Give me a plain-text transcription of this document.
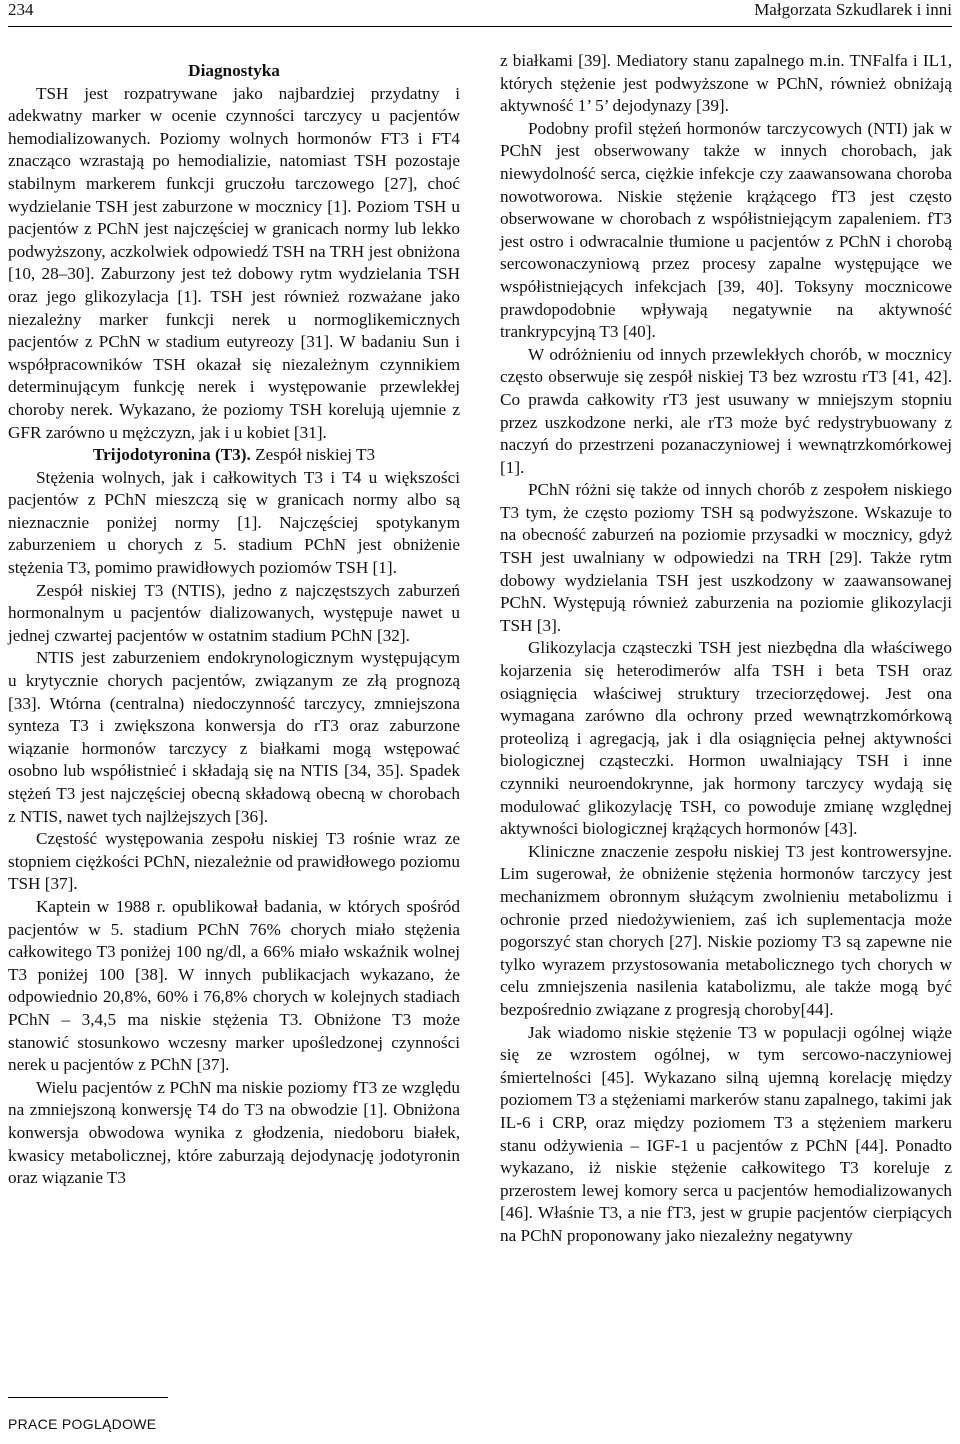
234	Małgorzata Szkudlarek i inni

Diagnostyka

TSH jest rozpatrywane jako najbardziej przydatny i adekwatny marker w ocenie czynności tarczycy u pacjentów hemodializowanych. Poziomy wolnych hormonów FT3 i FT4 znacząco wzrastają po hemodializie, natomiast TSH pozostaje stabilnym markerem funkcji gruczołu tarczowego [27], choć wydzielanie TSH jest zaburzone w mocznicy [1]. Poziom TSH u pacjentów z PChN jest najczęściej w granicach normy lub lekko podwyższony, aczkolwiek odpowiedź TSH na TRH jest obniżona [10, 28–30]. Zaburzony jest też dobowy rytm wydzielania TSH oraz jego glikozylacja [1]. TSH jest również rozważane jako niezależny marker funkcji nerek u normoglikemicznych pacjentów z PChN w stadium eutyreozy [31]. W badaniu Sun i współpracowników TSH okazał się niezależnym czynnikiem determinującym funkcję nerek i występowanie przewlekłej choroby nerek. Wykazano, że poziomy TSH korelują ujemnie z GFR zarówno u mężczyzn, jak i u kobiet [31].

Trijodotyronina (T3). Zespół niskiej T3

Stężenia wolnych, jak i całkowitych T3 i T4 u większości pacjentów z PChN mieszczą się w granicach normy albo są nieznacznie poniżej normy [1]. Najczęściej spotykanym zaburzeniem u chorych z 5. stadium PChN jest obniżenie stężenia T3, pomimo prawidłowych poziomów TSH [1].

Zespół niskiej T3 (NTIS), jedno z najczęstszych zaburzeń hormonalnym u pacjentów dializowanych, występuje nawet u jednej czwartej pacjentów w ostatnim stadium PChN [32].

NTIS jest zaburzeniem endokrynologicznym występującym u krytycznie chorych pacjentów, związanym ze złą prognozą [33]. Wtórna (centralna) niedoczynność tarczycy, zmniejszona synteza T3 i zwiększona konwersja do rT3 oraz zaburzone wiązanie hormonów tarczycy z białkami mogą wstępować osobno lub współistnieć i składają się na NTIS [34, 35]. Spadek stężeń T3 jest najczęściej obecną składową obecną w chorobach z NTIS, nawet tych najlżejszych [36].

Częstość występowania zespołu niskiej T3 rośnie wraz ze stopniem ciężkości PChN, niezależnie od prawidłowego poziomu TSH [37].

Kaptein w 1988 r. opublikował badania, w których spośród pacjentów w 5. stadium PChN 76% chorych miało stężenia całkowitego T3 poniżej 100 ng/dl, a 66% miało wskaźnik wolnej T3 poniżej 100 [38]. W innych publikacjach wykazano, że odpowiednio 20,8%, 60% i 76,8% chorych w kolejnych stadiach PChN – 3,4,5 ma niskie stężenia T3. Obniżone T3 może stanowić stosunkowo wczesny marker upośledzonej czynności nerek u pacjentów z PChN [37].

Wielu pacjentów z PChN ma niskie poziomy fT3 ze względu na zmniejszoną konwersję T4 do T3 na obwodzie [1]. Obniżona konwersja obwodowa wynika z głodzenia, niedoboru białek, kwasicy metabolicznej, które zaburzają dejodynację jodotyronin oraz wiązanie T3

z białkami [39]. Mediatory stanu zapalnego m.in. TNFalfa i IL1, których stężenie jest podwyższone w PChN, również obniżają aktywność 1’ 5’ dejodynazy [39].

Podobny profil stężeń hormonów tarczycowych (NTI) jak w PChN jest obserwowany także w innych chorobach, jak niewydolność serca, ciężkie infekcje czy zaawansowana choroba nowotworowa. Niskie stężenie krążącego fT3 jest często obserwowane w chorobach z współistniejącym zapaleniem. fT3 jest ostro i odwracalnie tłumione u pacjentów z PChN i chorobą sercowonaczyniową przez procesy zapalne występujące we współistniejących infekcjach [39, 40]. Toksyny mocznicowe prawdopodobnie wpływają negatywnie na aktywność trankrypcyjną T3 [40].

W odróżnieniu od innych przewlekłych chorób, w mocznicy często obserwuje się zespół niskiej T3 bez wzrostu rT3 [41, 42]. Co prawda całkowity rT3 jest usuwany w mniejszym stopniu przez uszkodzone nerki, ale rT3 może być redystrybuowany z naczyń do przestrzeni pozanaczyniowej i wewnątrzkomórkowej [1].

PChN różni się także od innych chorób z zespołem niskiego T3 tym, że często poziomy TSH są podwyższone. Wskazuje to na obecność zaburzeń na poziomie przysadki w mocznicy, gdyż TSH jest uwalniany w odpowiedzi na TRH [29]. Także rytm dobowy wydzielania TSH jest uszkodzony w zaawansowanej PChN. Występują również zaburzenia na poziomie glikozylacji TSH [3].

Glikozylacja cząsteczki TSH jest niezbędna dla właściwego kojarzenia się heterodimerów alfa TSH i beta TSH oraz osiągnięcia właściwej struktury trzeciorzędowej. Jest ona wymagana zarówno dla ochrony przed wewnątrzkomórkową proteolizą i agregacją, jak i dla osiągnięcia pełnej aktywności biologicznej cząsteczki. Hormon uwalniający TSH i inne czynniki neuroendokrynne, jak hormony tarczycy wydają się modulować glikozylację TSH, co powoduje zmianę względnej aktywności biologicznej krążących hormonów [43].

Kliniczne znaczenie zespołu niskiej T3 jest kontrowersyjne. Lim sugerował, że obniżenie stężenia hormonów tarczycy jest mechanizmem obronnym służącym zwolnieniu metabolizmu i ochronie przed niedożywieniem, zaś ich suplementacja może pogorszyć stan chorych [27]. Niskie poziomy T3 są zapewne nie tylko wyrazem przystosowania metabolicznego tych chorych w celu zmniejszenia nasilenia katabolizmu, ale także mogą być bezpośrednio związane z progresją choroby[44].

Jak wiadomo niskie stężenie T3 w populacji ogólnej wiąże się ze wzrostem ogólnej, w tym sercowo-naczyniowej śmiertelności [45]. Wykazano silną ujemną korelację między poziomem T3 a stężeniami markerów stanu zapalnego, takimi jak IL-6 i CRP, oraz między poziomem T3 a stężeniem markeru stanu odżywienia – IGF-1 u pacjentów z PChN [44]. Ponadto wykazano, iż niskie stężenie całkowitego T3 koreluje z przerostem lewej komory serca u pacjentów hemodializowanych [46]. Właśnie T3, a nie fT3, jest w grupie pacjentów cierpiących na PChN proponowany jako niezależny negatywny

PRACE POGLĄDOWE
